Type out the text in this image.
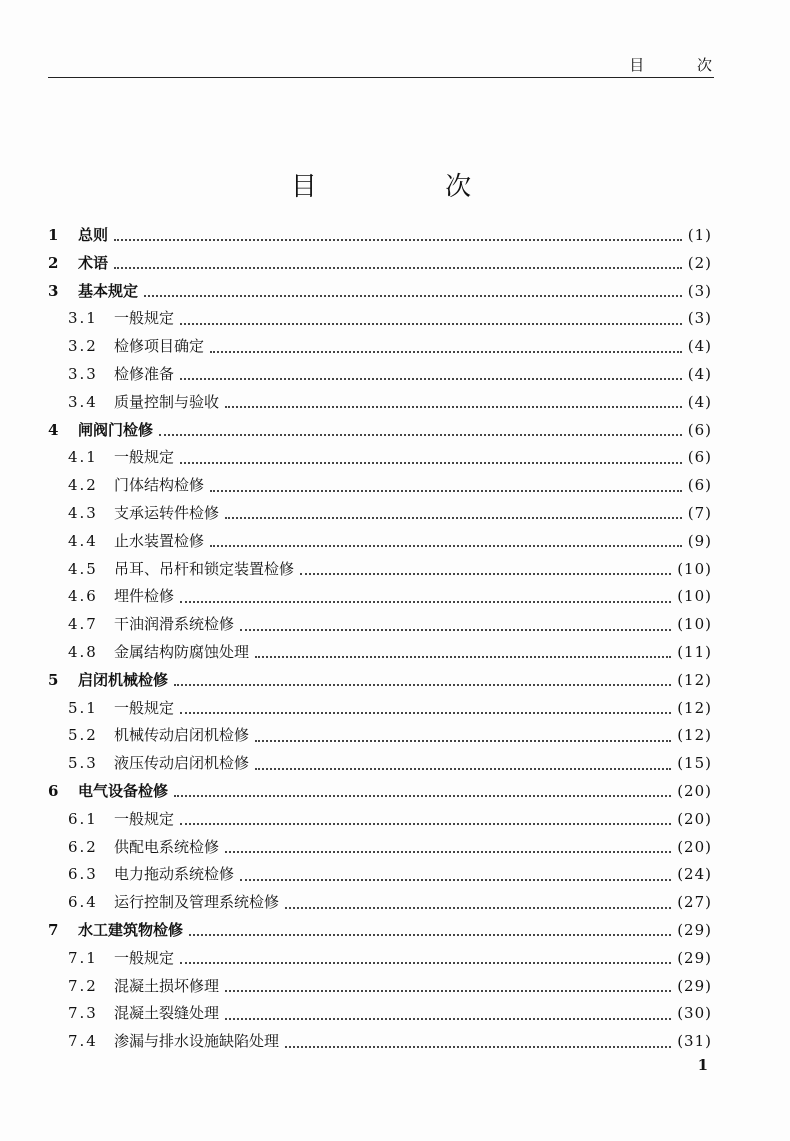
目 次
目 次
1	总则	(1)
2	术语	(2)
3	基本规定	(3)
3.1	一般规定	(3)
3.2	检修项目确定	(4)
3.3	检修准备	(4)
3.4	质量控制与验收	(4)
4	闸阀门检修	(6)
4.1	一般规定	(6)
4.2	门体结构检修	(6)
4.3	支承运转件检修	(7)
4.4	止水装置检修	(9)
4.5	吊耳、吊杆和锁定装置检修	(10)
4.6	埋件检修	(10)
4.7	干油润滑系统检修	(10)
4.8	金属结构防腐蚀处理	(11)
5	启闭机械检修	(12)
5.1	一般规定	(12)
5.2	机械传动启闭机检修	(12)
5.3	液压传动启闭机检修	(15)
6	电气设备检修	(20)
6.1	一般规定	(20)
6.2	供配电系统检修	(20)
6.3	电力拖动系统检修	(24)
6.4	运行控制及管理系统检修	(27)
7	水工建筑物检修	(29)
7.1	一般规定	(29)
7.2	混凝土损坏修理	(29)
7.3	混凝土裂缝处理	(30)
7.4	渗漏与排水设施缺陷处理	(31)
1
